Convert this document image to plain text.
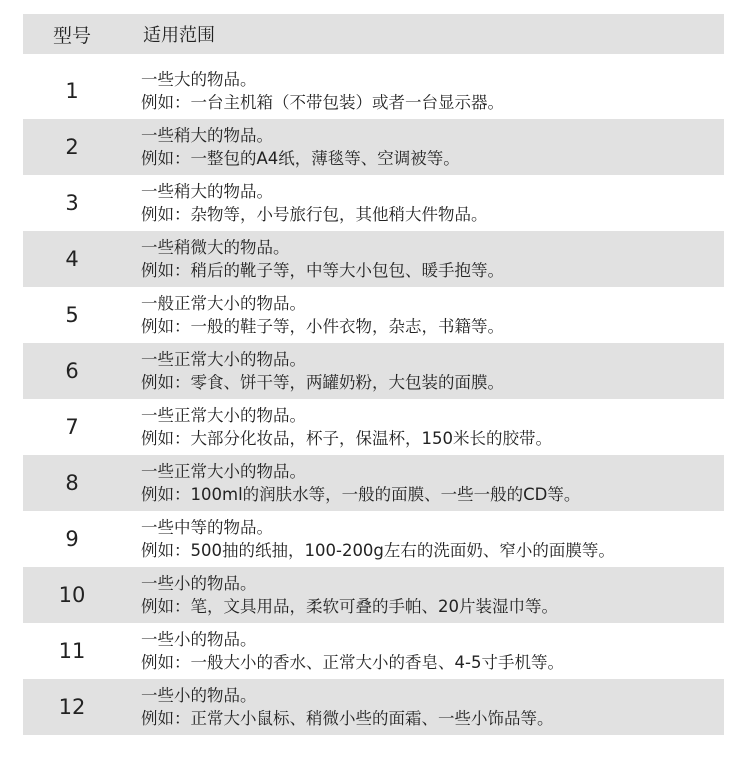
型号	适用范围
1	一些大的物品。
例如：一台主机箱（不带包装）或者一台显示器。
2	一些稍大的物品。
例如：一整包的A4纸，薄毯等、空调被等。
3	一些稍大的物品。
例如：杂物等，小号旅行包，其他稍大件物品。
4	一些稍微大的物品。
例如：稍后的靴子等，中等大小包包、暖手抱等。
5	一般正常大小的物品。
例如：一般的鞋子等，小件衣物，杂志，书籍等。
6	一些正常大小的物品。
例如：零食、饼干等，两罐奶粉，大包装的面膜。
7	一些正常大小的物品。
例如：大部分化妆品，杯子，保温杯，150米长的胶带。
8	一些正常大小的物品。
例如：100ml的润肤水等，一般的面膜、一些一般的CD等。
9	一些中等的物品。
例如：500抽的纸抽，100-200g左右的洗面奶、窄小的面膜等。
10	一些小的物品。
例如：笔，文具用品，柔软可叠的手帕、20片装湿巾等。
11	一些小的物品。
例如：一般大小的香水、正常大小的香皂、4-5寸手机等。
12	一些小的物品。
例如：正常大小鼠标、稍微小些的面霜、一些小饰品等。
